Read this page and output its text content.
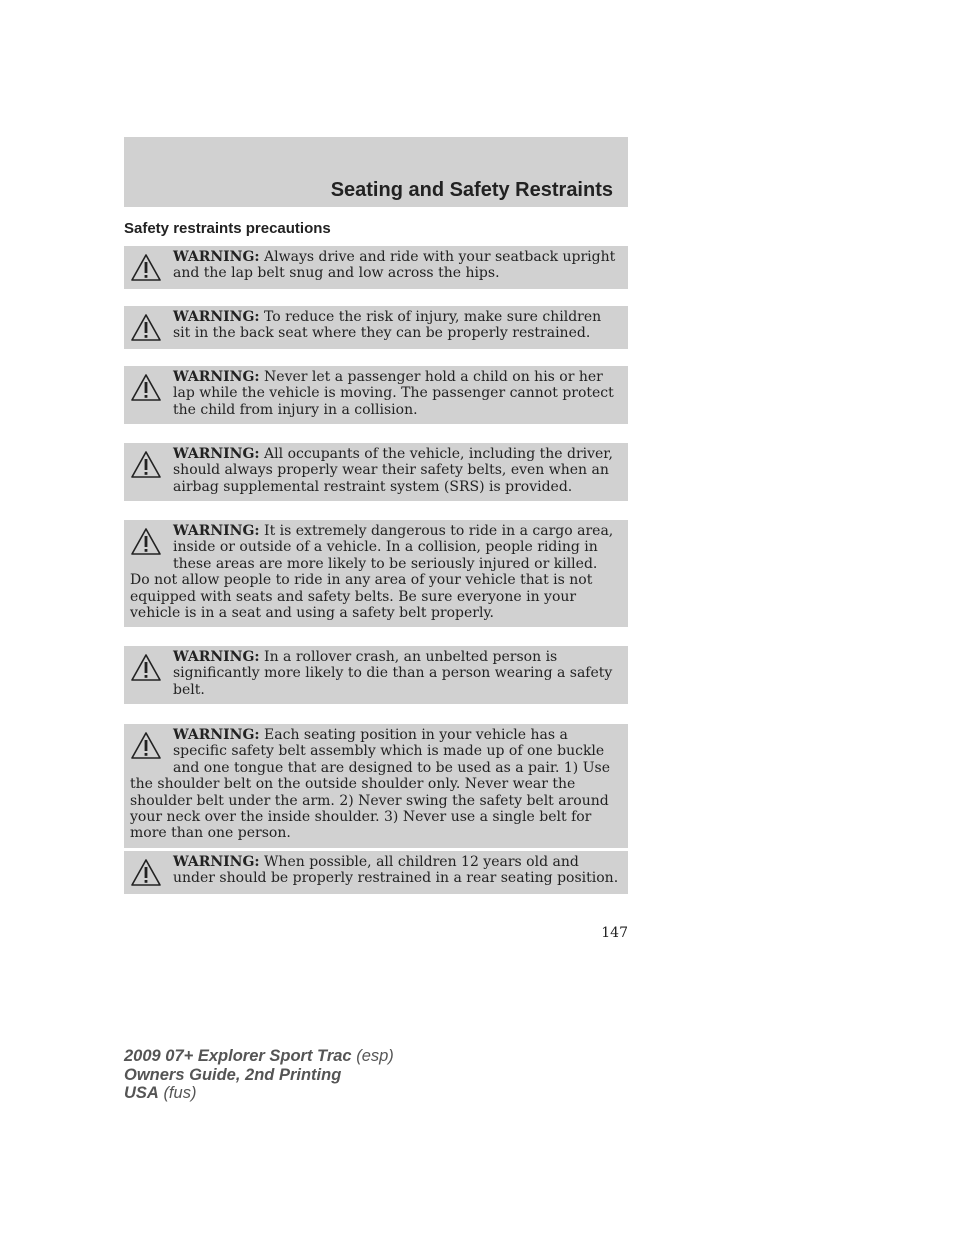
Seating and Safety Restraints
Safety restraints precautions
WARNING: Always drive and ride with your seatback upright and the lap belt snug and low across the hips.
WARNING: To reduce the risk of injury, make sure children sit in the back seat where they can be properly restrained.
WARNING: Never let a passenger hold a child on his or her lap while the vehicle is moving. The passenger cannot protect the child from injury in a collision.
WARNING: All occupants of the vehicle, including the driver, should always properly wear their safety belts, even when an airbag supplemental restraint system (SRS) is provided.
WARNING: It is extremely dangerous to ride in a cargo area, inside or outside of a vehicle. In a collision, people riding in these areas are more likely to be seriously injured or killed. Do not allow people to ride in any area of your vehicle that is not equipped with seats and safety belts. Be sure everyone in your vehicle is in a seat and using a safety belt properly.
WARNING: In a rollover crash, an unbelted person is significantly more likely to die than a person wearing a safety belt.
WARNING: Each seating position in your vehicle has a specific safety belt assembly which is made up of one buckle and one tongue that are designed to be used as a pair. 1) Use the shoulder belt on the outside shoulder only. Never wear the shoulder belt under the arm. 2) Never swing the safety belt around your neck over the inside shoulder. 3) Never use a single belt for more than one person.
WARNING: When possible, all children 12 years old and under should be properly restrained in a rear seating position.
147
2009 07+ Explorer Sport Trac (esp)
Owners Guide, 2nd Printing
USA (fus)
